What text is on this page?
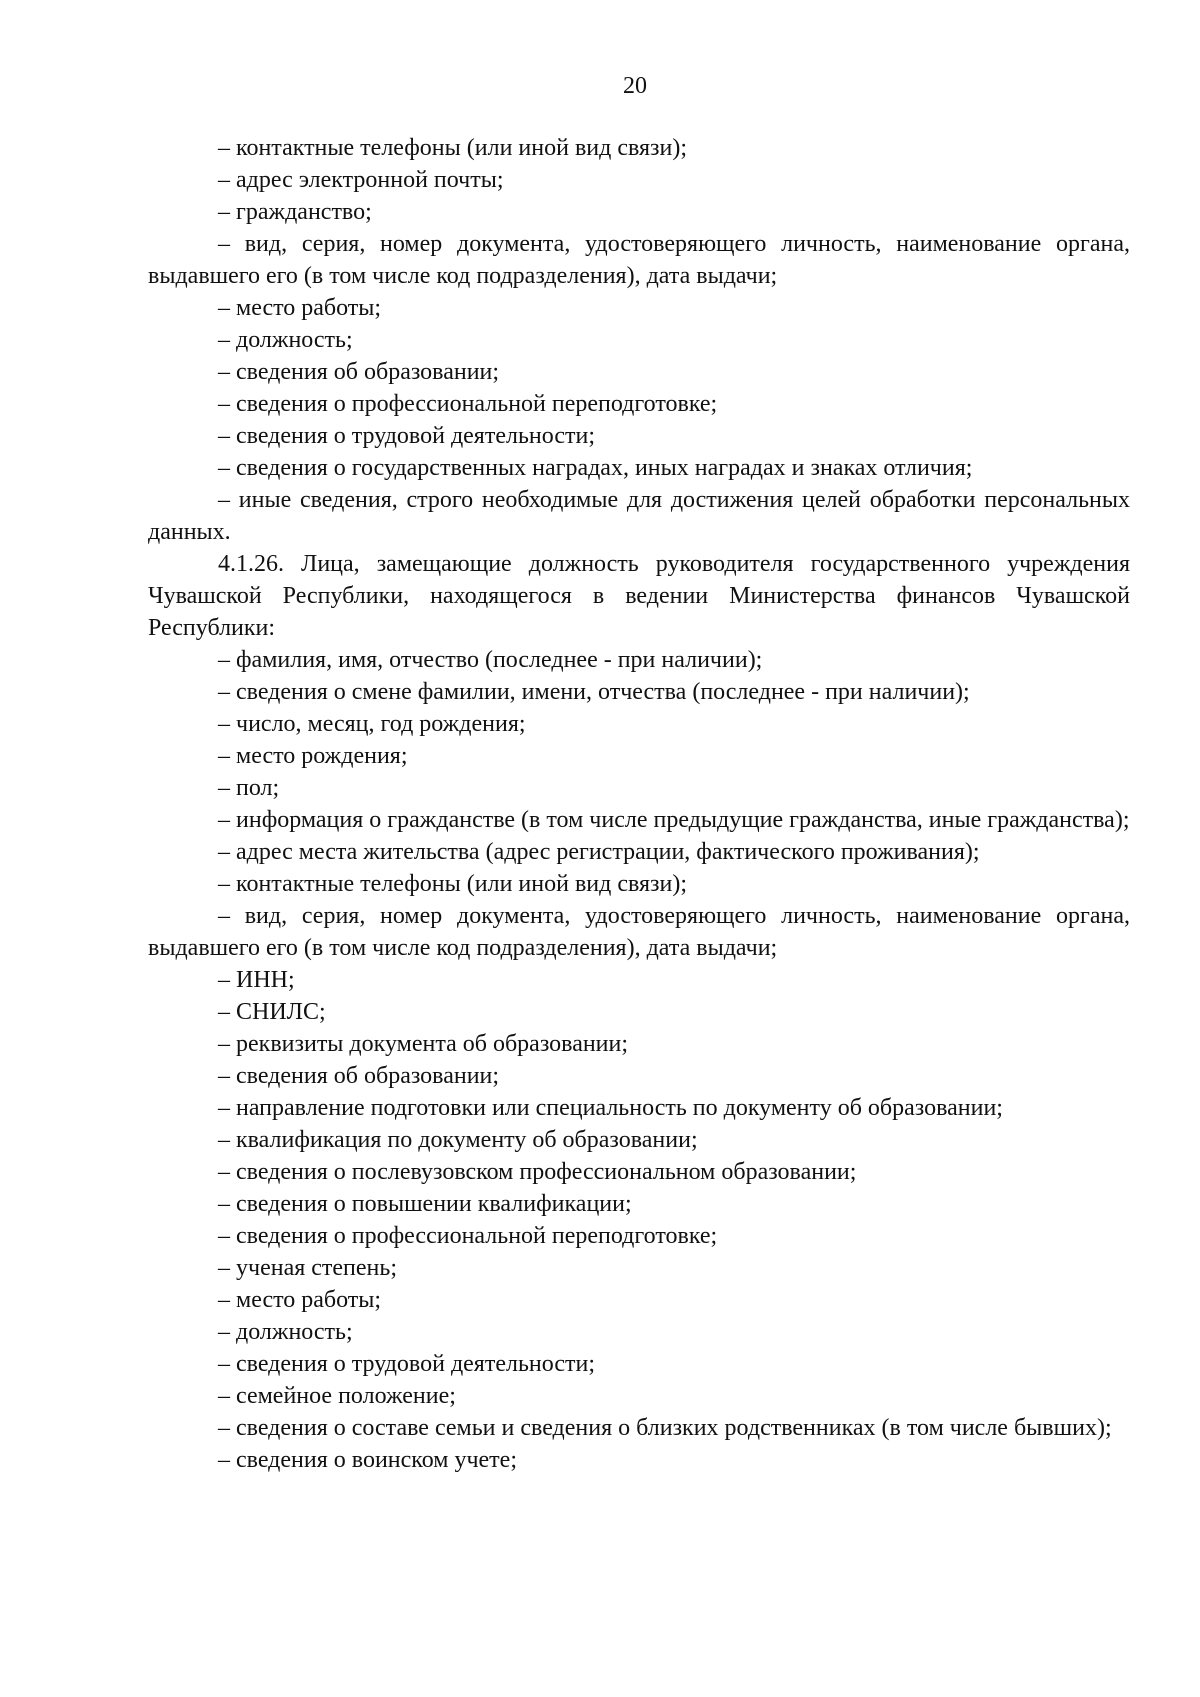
20

– контактные телефоны (или иной вид связи);

– адрес электронной почты;

– гражданство;

– вид, серия, номер документа, удостоверяющего личность, наименование органа, выдавшего его (в том числе код подразделения), дата выдачи;

– место работы;

– должность;

– сведения об образовании;

– сведения о профессиональной переподготовке;

– сведения о трудовой деятельности;

– сведения о государственных наградах, иных наградах и знаках отличия;

– иные сведения, строго необходимые для достижения целей обработки персональных данных.

4.1.26. Лица, замещающие должность руководителя государственного учреждения Чувашской Республики, находящегося в ведении Министерства финансов Чувашской Республики:

– фамилия, имя, отчество (последнее - при наличии);

– сведения о смене фамилии, имени, отчества (последнее - при наличии);

– число, месяц, год рождения;

– место рождения;

– пол;

– информация о гражданстве (в том числе предыдущие гражданства, иные гражданства);

– адрес места жительства (адрес регистрации, фактического проживания);

– контактные телефоны (или иной вид связи);

– вид, серия, номер документа, удостоверяющего личность, наименование органа, выдавшего его (в том числе код подразделения), дата выдачи;

– ИНН;

– СНИЛС;

– реквизиты документа об образовании;

– сведения об образовании;

– направление подготовки или специальность по документу об образовании;

– квалификация по документу об образовании;

– сведения о послевузовском профессиональном образовании;

– сведения о повышении квалификации;

– сведения о профессиональной переподготовке;

– ученая степень;

– место работы;

– должность;

– сведения о трудовой деятельности;

– семейное положение;

– сведения о составе семьи и сведения о близких родственниках (в том числе бывших);

– сведения о воинском учете;
